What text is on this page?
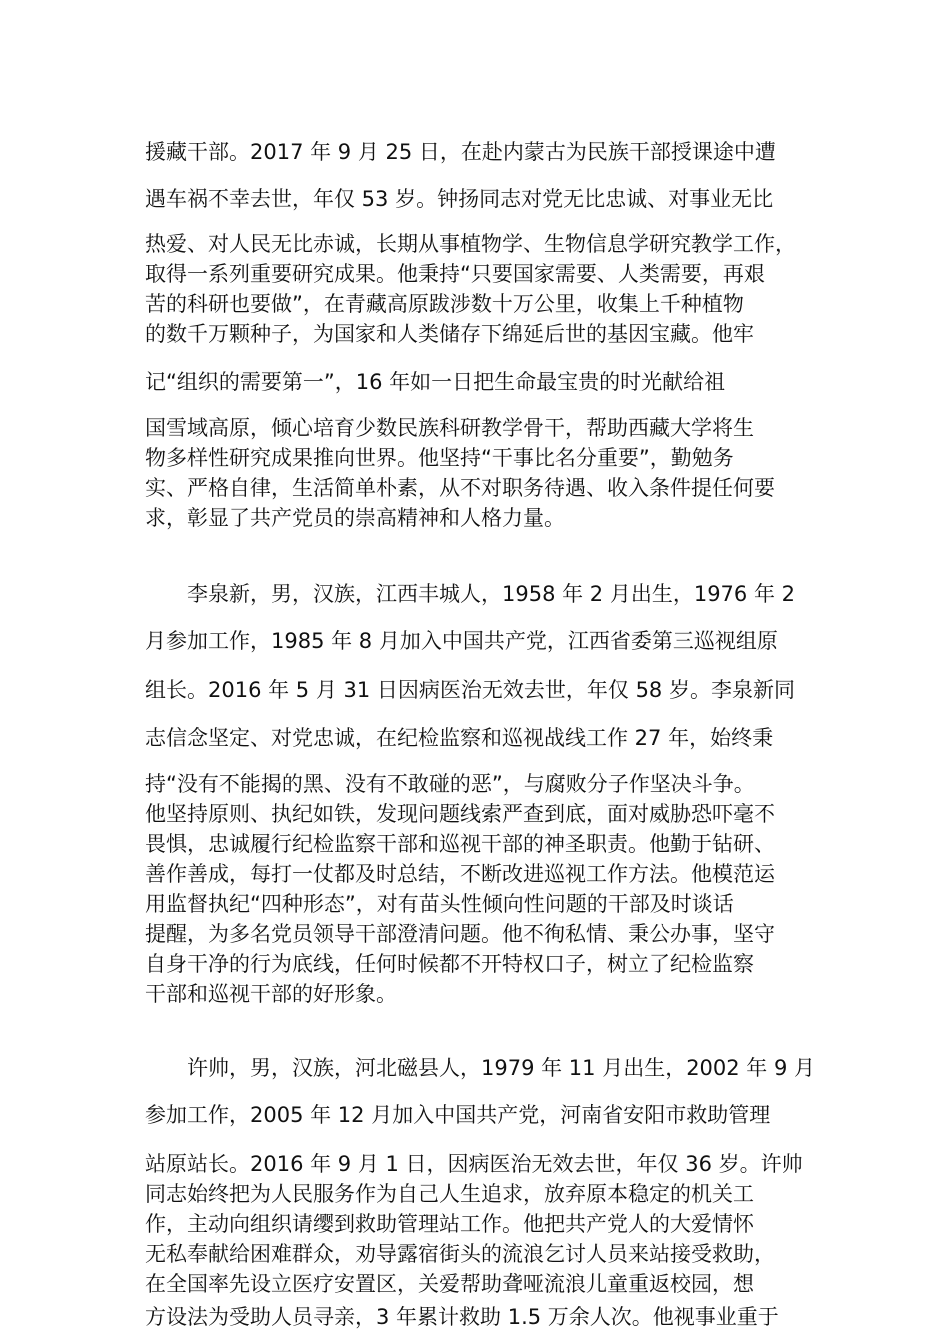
援藏干部。2017 年 9 月 25 日，在赴内蒙古为民族干部授课途中遭
遇车祸不幸去世，年仅 53 岁。钟扬同志对党无比忠诚、对事业无比
热爱、对人民无比赤诚，长期从事植物学、生物信息学研究教学工作，
取得一系列重要研究成果。他秉持“只要国家需要、人类需要，再艰
苦的科研也要做”，在青藏高原跋涉数十万公里，收集上千种植物
的数千万颗种子，为国家和人类储存下绵延后世的基因宝藏。他牢
记“组织的需要第一”，16 年如一日把生命最宝贵的时光献给祖
国雪域高原，倾心培育少数民族科研教学骨干，帮助西藏大学将生
物多样性研究成果推向世界。他坚持“干事比名分重要”，勤勉务
实、严格自律，生活简单朴素，从不对职务待遇、收入条件提任何要
求，彰显了共产党员的崇高精神和人格力量。
李泉新，男，汉族，江西丰城人，1958 年 2 月出生，1976 年 2
月参加工作，1985 年 8 月加入中国共产党，江西省委第三巡视组原
组长。2016 年 5 月 31 日因病医治无效去世，年仅 58 岁。李泉新同
志信念坚定、对党忠诚，在纪检监察和巡视战线工作 27 年，始终秉
持“没有不能揭的黑、没有不敢碰的恶”，与腐败分子作坚决斗争。
他坚持原则、执纪如铁，发现问题线索严查到底，面对威胁恐吓毫不
畏惧，忠诚履行纪检监察干部和巡视干部的神圣职责。他勤于钻研、
善作善成，每打一仗都及时总结，不断改进巡视工作方法。他模范运
用监督执纪“四种形态”，对有苗头性倾向性问题的干部及时谈话
提醒，为多名党员领导干部澄清问题。他不徇私情、秉公办事，坚守
自身干净的行为底线，任何时候都不开特权口子，树立了纪检监察
干部和巡视干部的好形象。
许帅，男，汉族，河北磁县人，1979 年 11 月出生，2002 年 9 月
参加工作，2005 年 12 月加入中国共产党，河南省安阳市救助管理
站原站长。2016 年 9 月 1 日，因病医治无效去世，年仅 36 岁。许帅
同志始终把为人民服务作为自己人生追求，放弃原本稳定的机关工
作，主动向组织请缨到救助管理站工作。他把共产党人的大爱情怀
无私奉献给困难群众，劝导露宿街头的流浪乞讨人员来站接受救助，
在全国率先设立医疗安置区，关爱帮助聋哑流浪儿童重返校园，想
方设法为受助人员寻亲，3 年累计救助 1.5 万余人次。他视事业重于
